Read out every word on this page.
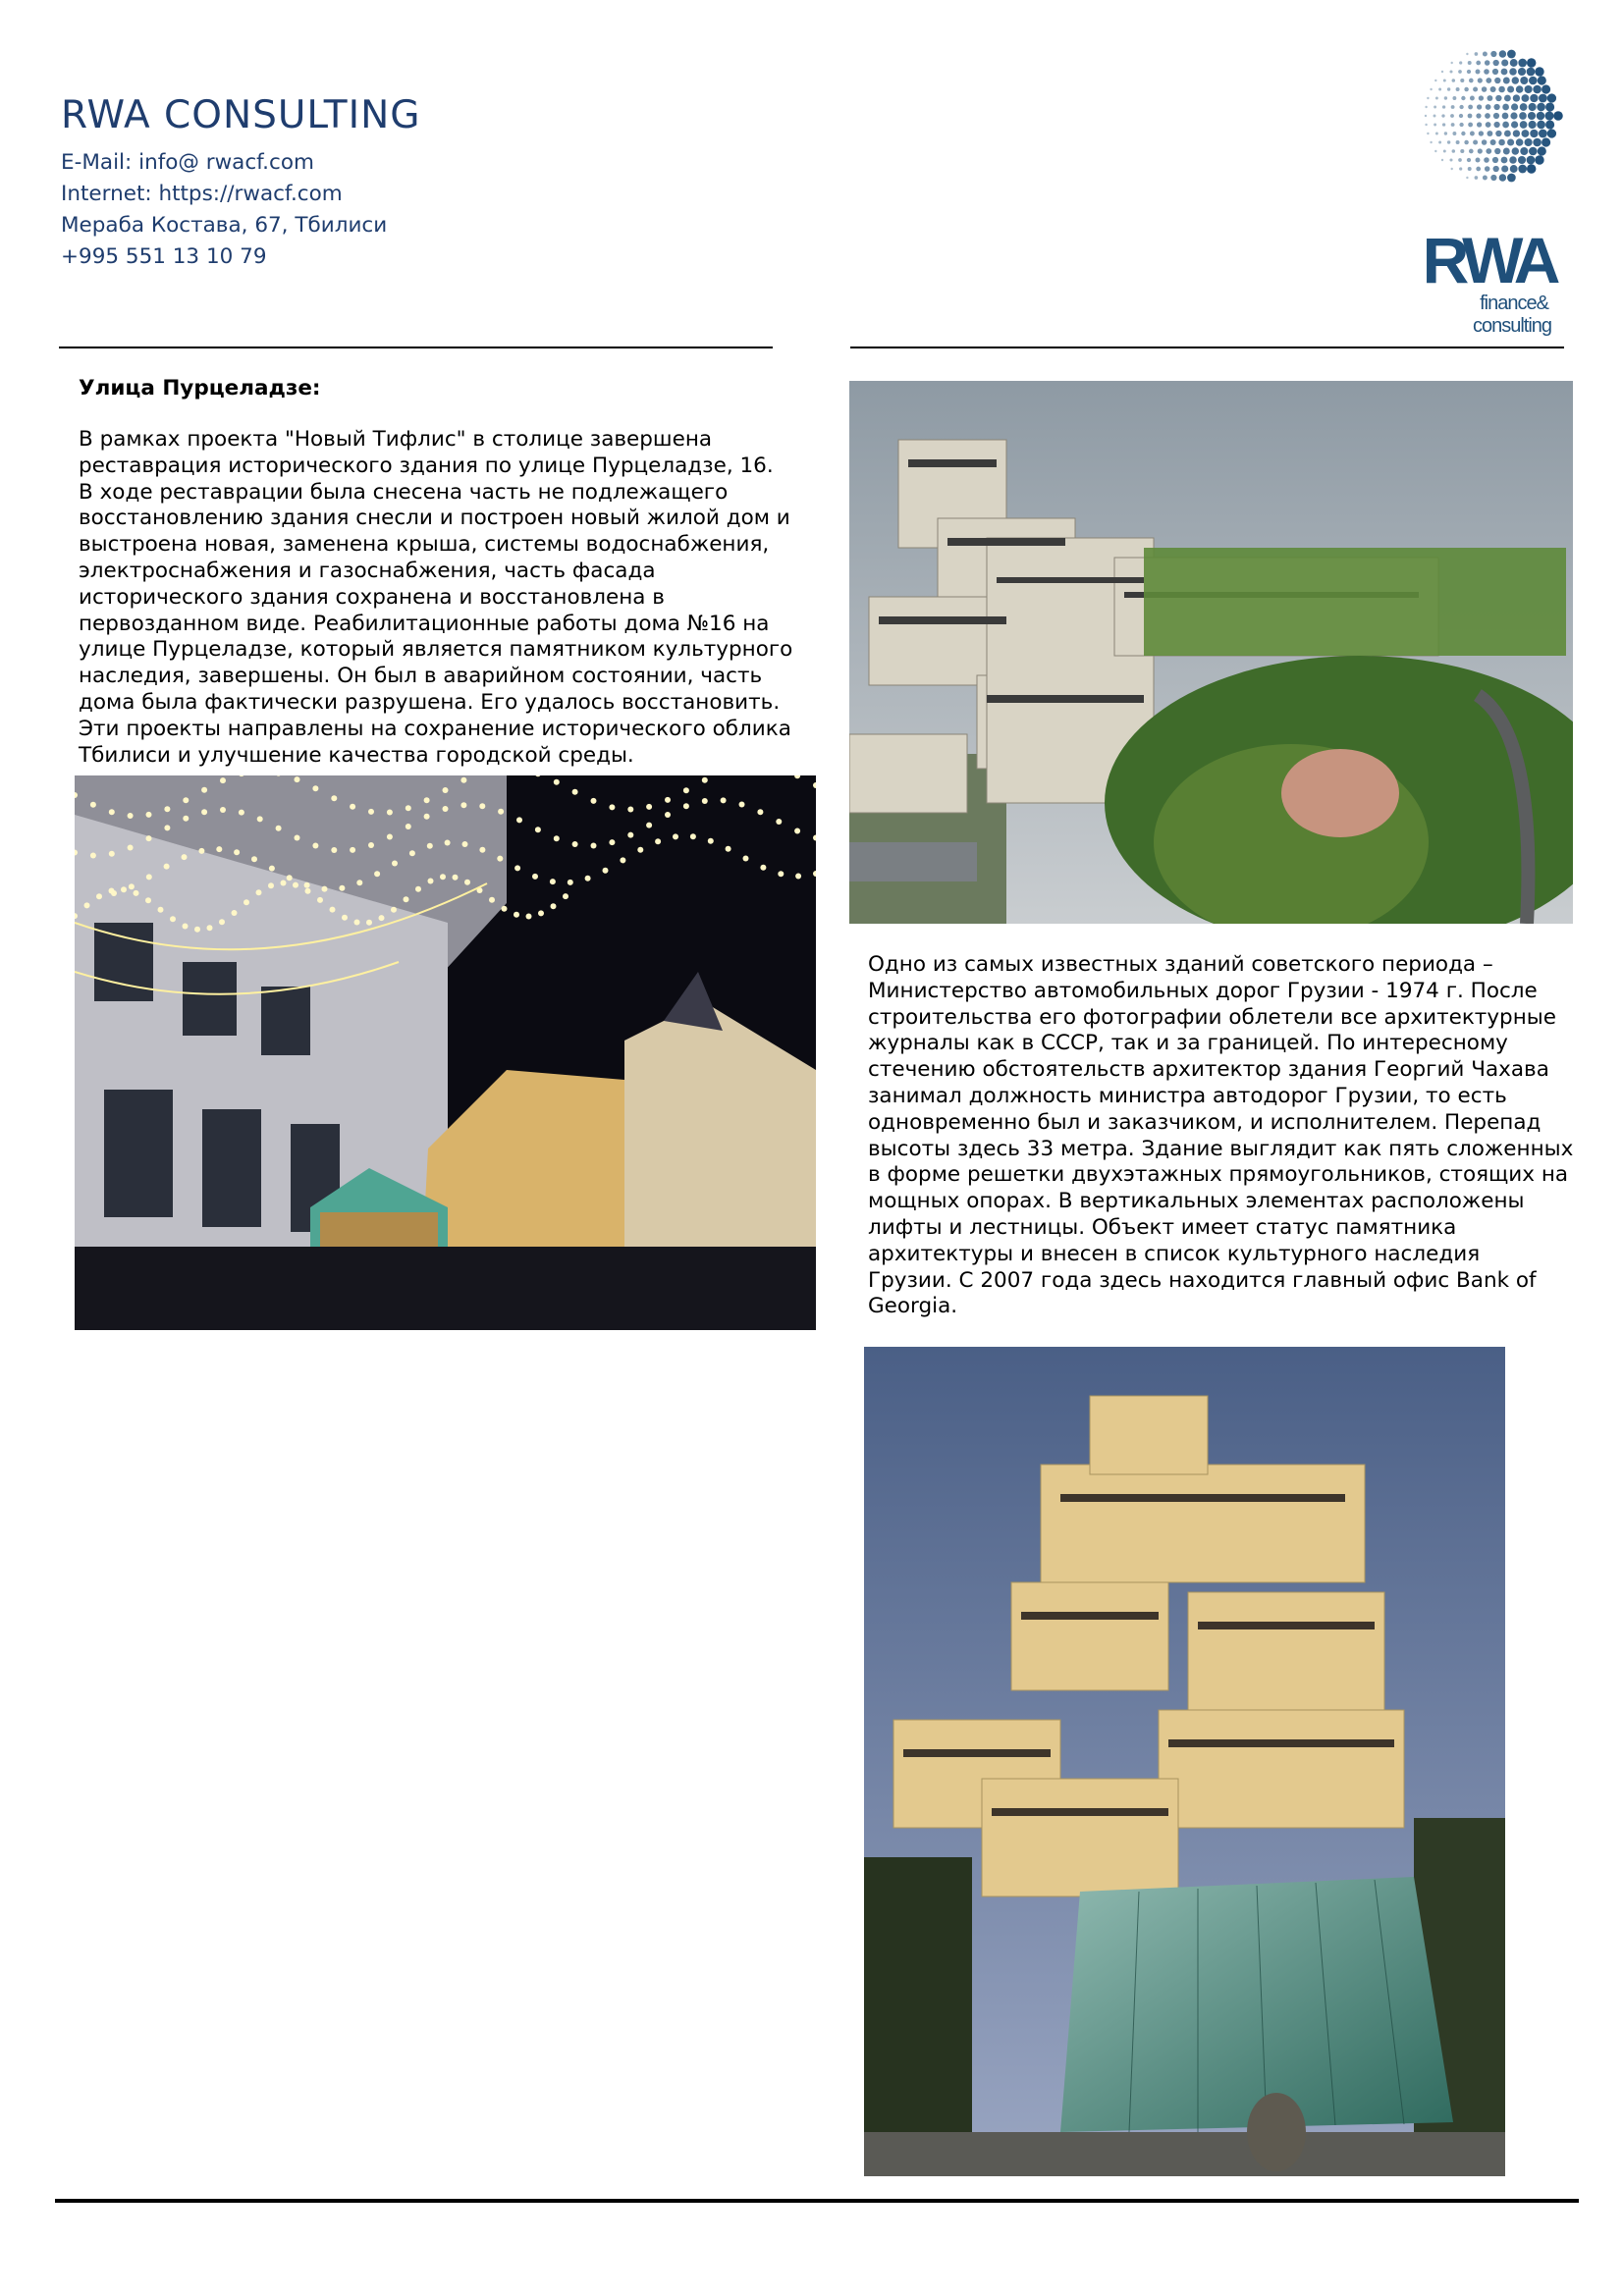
RWA CONSULTING
E-Mail: info@ rwacf.com
Internet: https://rwacf.com
Мераба Костава, 67, Тбилиси
+995 551 13 10 79	RWA
finance&
consulting
Улица Пурцеладзе:
В рамках проекта "Новый Тифлис" в столице завершена
реставрация исторического здания по улице Пурцеладзе, 16.
В ходе реставрации была снесена часть не подлежащего
восстановлению здания снесли и построен новый жилой дом и
выстроена новая, заменена крыша, системы водоснабжения,
электроснабжения и газоснабжения, часть фасада
исторического здания сохранена и восстановлена в
первозданном виде. Реабилитационные работы дома №16 на
улице Пурцеладзе, который является памятником культурного
наследия, завершены. Он был в аварийном состоянии, часть
дома была фактически разрушена. Его удалось восстановить.
Эти проекты направлены на сохранение исторического облика
Тбилиси и улучшение качества городской среды.
Одно из самых известных зданий советского периода –
Министерство автомобильных дорог Грузии - 1974 г. После
строительства его фотографии облетели все архитектурные
журналы как в СССР, так и за границей. По интересному
стечению обстоятельств архитектор здания Георгий Чахава
занимал должность министра автодорог Грузии, то есть
одновременно был и заказчиком, и исполнителем. Перепад
высоты здесь 33 метра. Здание выглядит как пять сложенных
в форме решетки двухэтажных прямоугольников, стоящих на
мощных опорах. В вертикальных элементах расположены
лифты и лестницы. Объект имеет статус памятника
архитектуры и внесен в список культурного наследия
Грузии. С 2007 года здесь находится главный офис Bank of
Georgia.
